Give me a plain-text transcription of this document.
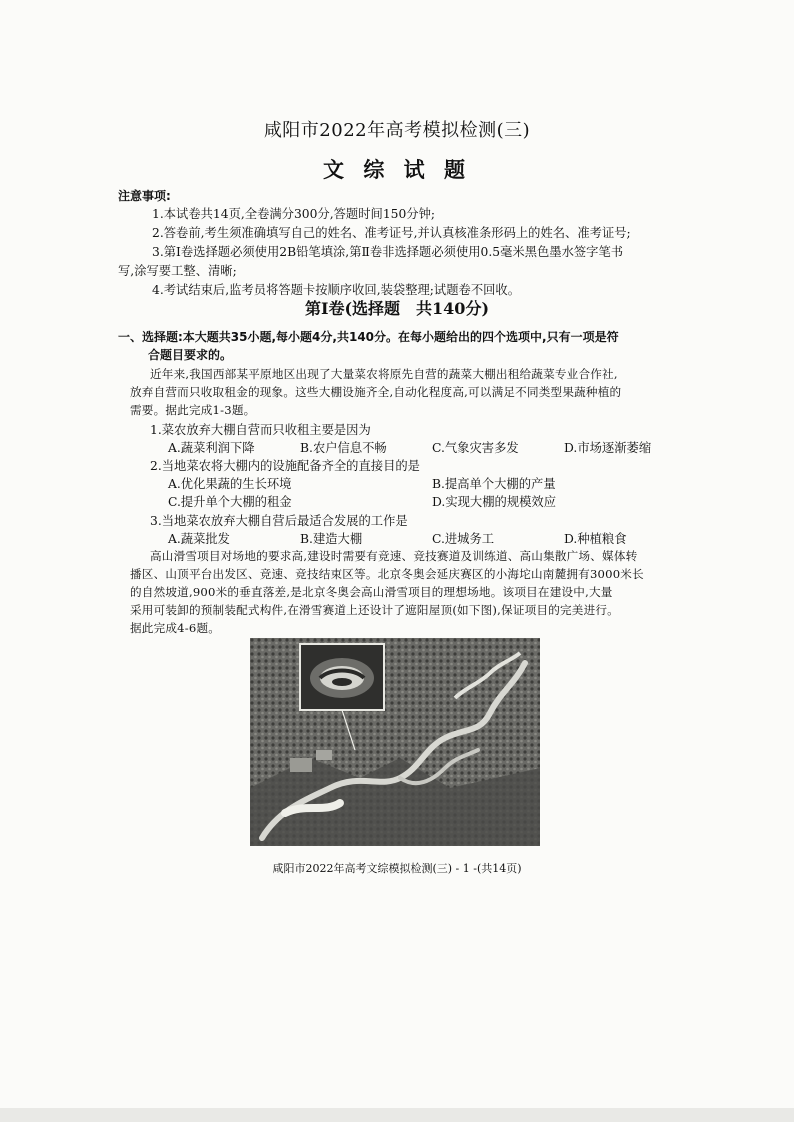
咸阳市2022年高考模拟检测(三)
文 综 试 题
注意事项:
1.本试卷共14页,全卷满分300分,答题时间150分钟;
2.答卷前,考生须准确填写自己的姓名、准考证号,并认真核准条形码上的姓名、准考证号;
3.第Ⅰ卷选择题必须使用2B铅笔填涂,第Ⅱ卷非选择题必须使用0.5毫米黑色墨水签字笔书
写,涂写要工整、清晰;
4.考试结束后,监考员将答题卡按顺序收回,装袋整理;试题卷不回收。
第Ⅰ卷(选择题　共140分)
一、选择题:本大题共35小题,每小题4分,共140分。在每小题给出的四个选项中,只有一项是符
合题目要求的。
近年来,我国西部某平原地区出现了大量菜农将原先自营的蔬菜大棚出租给蔬菜专业合作社,
放弃自营而只收取租金的现象。这些大棚设施齐全,自动化程度高,可以满足不同类型果蔬种植的
需要。据此完成1-3题。
1.菜农放弃大棚自营而只收租主要是因为
A.蔬菜利润下降	B.农户信息不畅	C.气象灾害多发	D.市场逐渐萎缩
2.当地菜农将大棚内的设施配备齐全的直接目的是
A.优化果蔬的生长环境	B.提高单个大棚的产量
C.提升单个大棚的租金	D.实现大棚的规模效应
3.当地菜农放弃大棚自营后最适合发展的工作是
A.蔬菜批发	B.建造大棚	C.进城务工	D.种植粮食
高山滑雪项目对场地的要求高,建设时需要有竞速、竞技赛道及训练道、高山集散广场、媒体转
播区、山顶平台出发区、竞速、竞技结束区等。北京冬奥会延庆赛区的小海坨山南麓拥有3000米长
的自然坡道,900米的垂直落差,是北京冬奥会高山滑雪项目的理想场地。该项目在建设中,大量
采用可装卸的预制装配式构件,在滑雪赛道上还设计了遮阳屋顶(如下图),保证项目的完美进行。
据此完成4-6题。
咸阳市2022年高考文综模拟检测(三) - 1 -(共14页)
